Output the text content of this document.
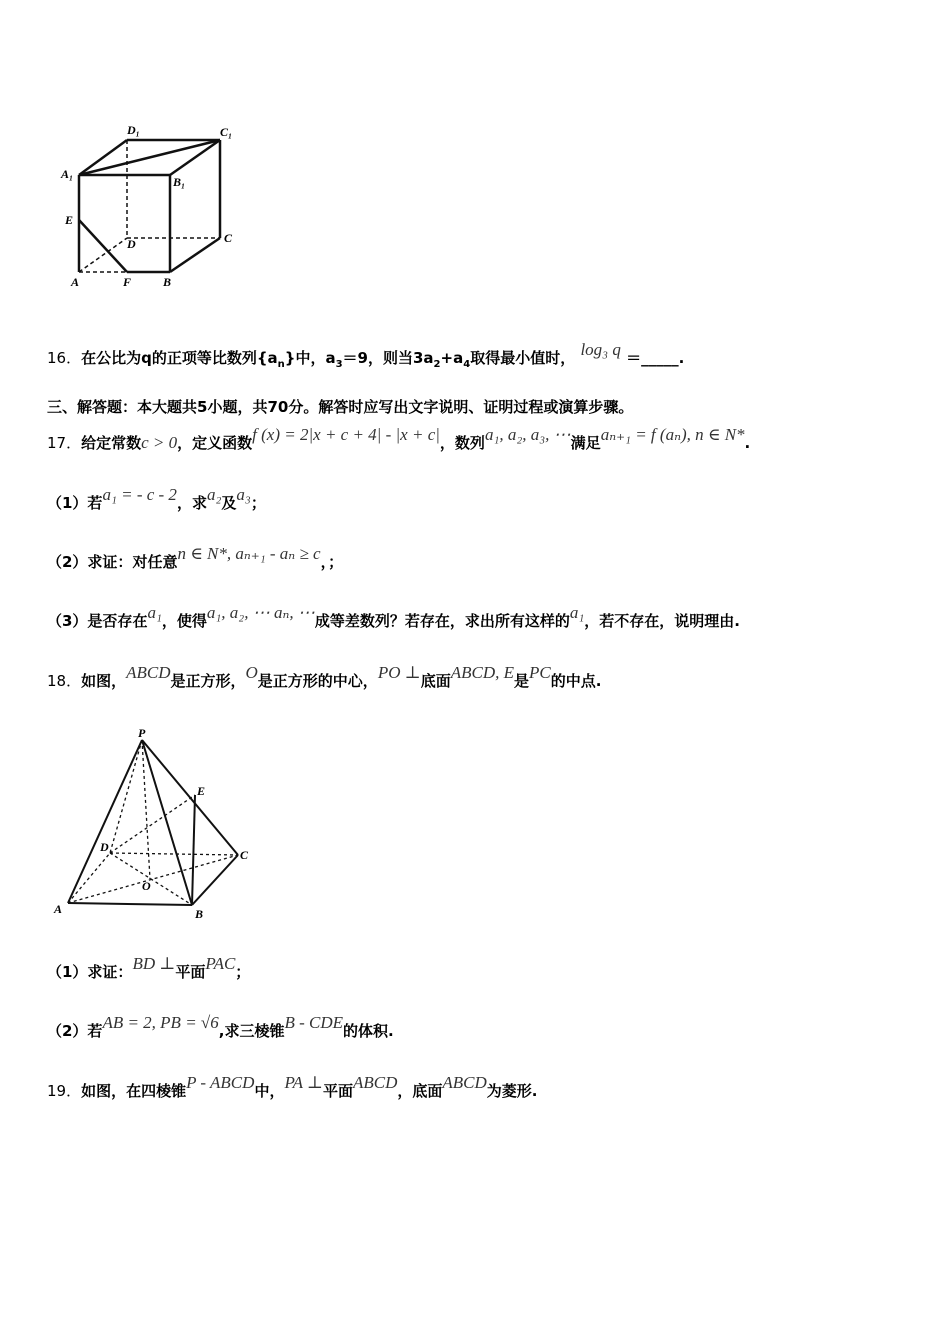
D₁	C₁
A₁
B₁
E
D	C
A	F	B
16．在公比为q的正项等比数列$\{a_n\}$中，$a_3=9$，则当$3a_2+a_4$取得最小值时， log₃ q ＝_____.
三、解答题：本大题共5小题，共70分。解答时应写出文字说明、证明过程或演算步骤。
17．给定常数c > 0，定义函数f (x) = 2|x + c + 4| - |x + c|，数列a₁, a₂, a₃, ⋯满足aₙ₊₁ = f (aₙ), n ∈ N*.
（1）若a₁ = - c - 2，求a₂及a₃；
（2）求证：对任意n ∈ N*, aₙ₊₁ - aₙ ≥ c，；
（3）是否存在a₁，使得a₁, a₂, ⋯ aₙ, ⋯成等差数列？若存在，求出所有这样的a₁，若不存在，说明理由.
18．如图，ABCD是正方形，O是正方形的中心，PO ⊥底面ABCD, E是PC的中点.
P
E
D
C
O
A	B
（1）求证：BD ⊥平面PAC；
（2）若AB = 2, PB = √6,求三棱锥B - CDE的体积.
19．如图，在四棱锥P - ABCD中，PA ⊥平面ABCD，底面ABCD为菱形.
